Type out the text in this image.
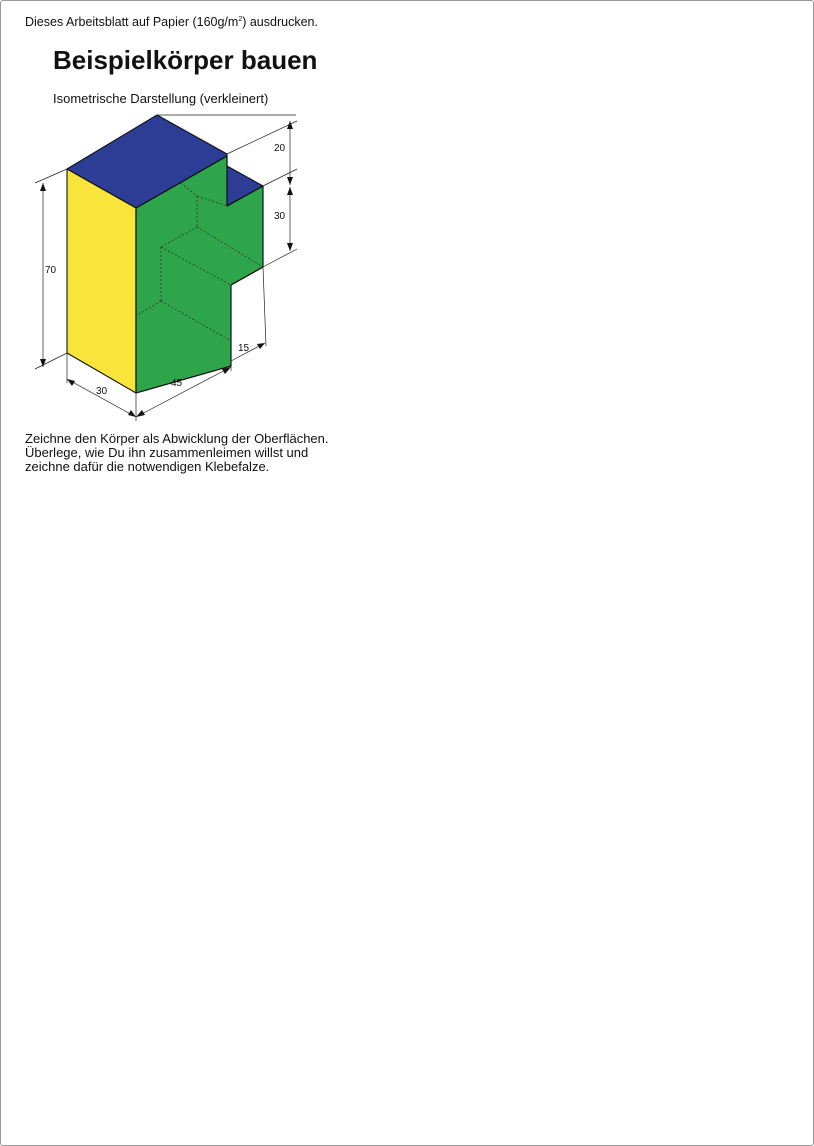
Dieses Arbeitsblatt auf Papier $(160g/m^2)$ ausdrucken.
Beispielkörper bauen
Isometrische Darstellung (verkleinert)
70
30
45
15
20
30
Zeichne den Körper als Abwicklung der Oberflächen.
Überlege, wie Du ihn zusammenleimen willst und
zeichne dafür die notwendigen Klebefalze.
